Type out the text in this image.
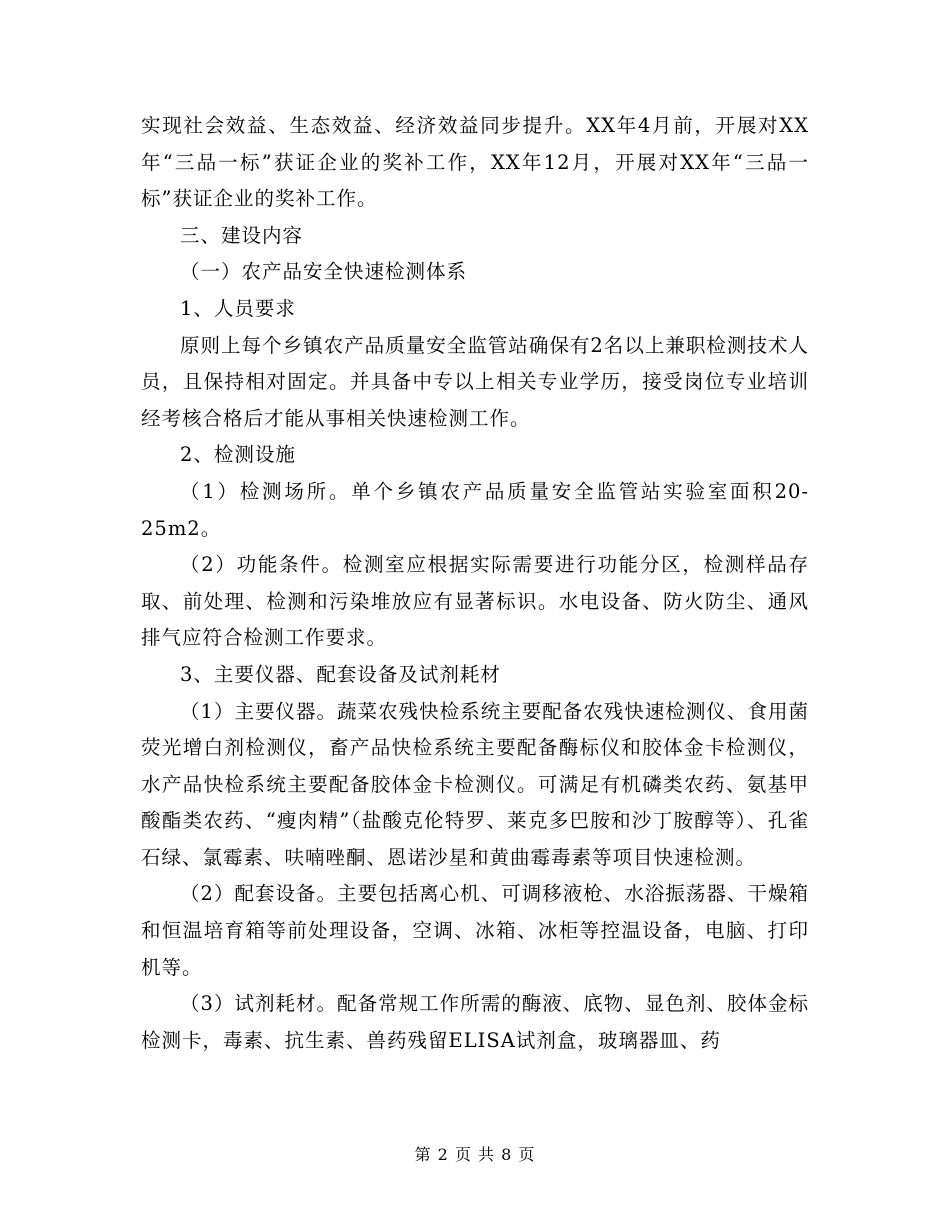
实现社会效益、生态效益、经济效益同步提升。XX年4月前，开展对XX年“三品一标”获证企业的奖补工作，XX年12月，开展对XX年“三品一标”获证企业的奖补工作。

三、建设内容

（一）农产品安全快速检测体系

1、人员要求

原则上每个乡镇农产品质量安全监管站确保有2名以上兼职检测技术人员，且保持相对固定。并具备中专以上相关专业学历，接受岗位专业培训经考核合格后才能从事相关快速检测工作。

2、检测设施

（1）检测场所。单个乡镇农产品质量安全监管站实验室面积20-25m2。

（2）功能条件。检测室应根据实际需要进行功能分区，检测样品存取、前处理、检测和污染堆放应有显著标识。水电设备、防火防尘、通风排气应符合检测工作要求。

3、主要仪器、配套设备及试剂耗材

（1）主要仪器。蔬菜农残快检系统主要配备农残快速检测仪、食用菌荧光增白剂检测仪，畜产品快检系统主要配备酶标仪和胶体金卡检测仪，水产品快检系统主要配备胶体金卡检测仪。可满足有机磷类农药、氨基甲酸酯类农药、“瘦肉精”（盐酸克伦特罗、莱克多巴胺和沙丁胺醇等）、孔雀石绿、氯霉素、呋喃唑酮、恩诺沙星和黄曲霉毒素等项目快速检测。

（2）配套设备。主要包括离心机、可调移液枪、水浴振荡器、干燥箱和恒温培育箱等前处理设备，空调、冰箱、冰柜等控温设备，电脑、打印机等。

（3）试剂耗材。配备常规工作所需的酶液、底物、显色剂、胶体金标检测卡，毒素、抗生素、兽药残留ELISA试剂盒，玻璃器皿、药

第 2 页 共 8 页
